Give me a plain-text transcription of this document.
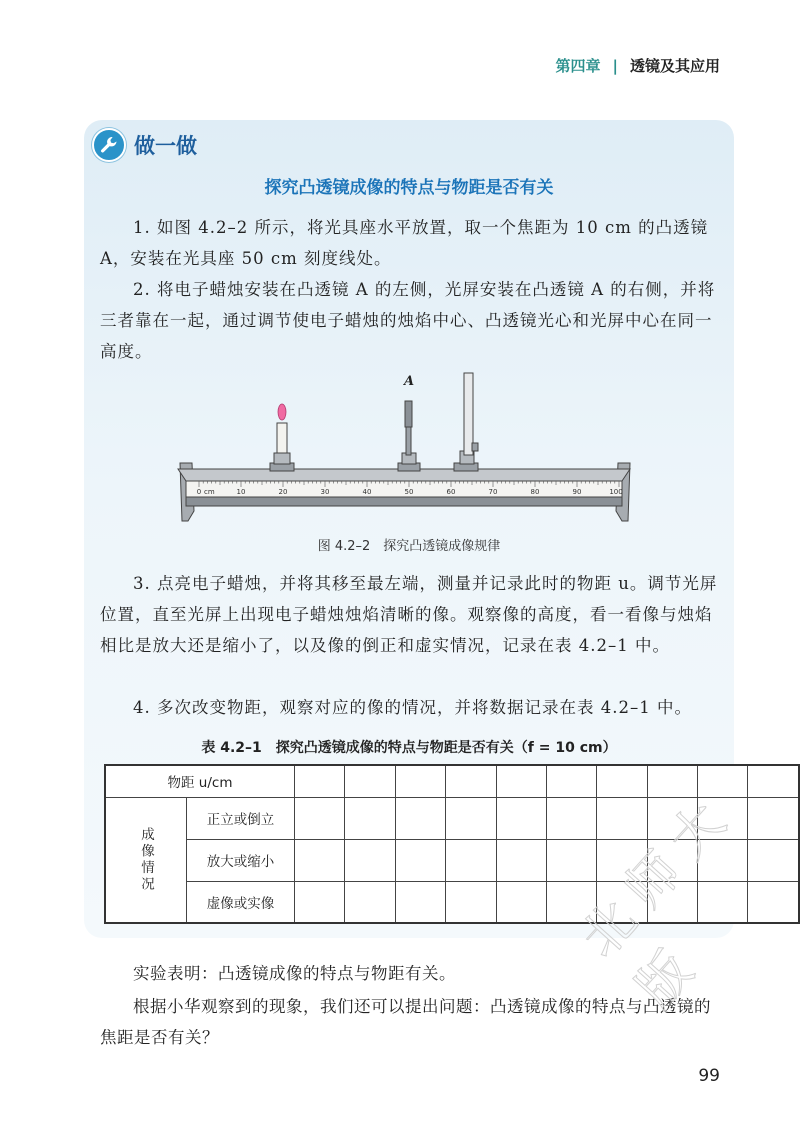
第四章 | 透镜及其应用
做一做
探究凸透镜成像的特点与物距是否有关
1. 如图 4.2–2 所示，将光具座水平放置，取一个焦距为 10 cm 的凸透镜 A，安装在光具座 50 cm 刻度线处。
2. 将电子蜡烛安装在凸透镜 A 的左侧，光屏安装在凸透镜 A 的右侧，并将三者靠在一起，通过调节使电子蜡烛的烛焰中心、凸透镜光心和光屏中心在同一高度。
cm
0	10	20	30	40	50	60	70	80	90	100
A
图 4.2–2　探究凸透镜成像规律
3. 点亮电子蜡烛，并将其移至最左端，测量并记录此时的物距 u。调节光屏位置，直至光屏上出现电子蜡烛烛焰清晰的像。观察像的高度，看一看像与烛焰相比是放大还是缩小了，以及像的倒正和虚实情况，记录在表 4.2–1 中。
4. 多次改变物距，观察对应的像的情况，并将数据记录在表 4.2–1 中。
表 4.2–1　探究凸透镜成像的特点与物距是否有关（f = 10 cm）
物距 u/cm											

成像情况	正立或倒立										
	放大或缩小										
	虚像或实像										
实验表明：凸透镜成像的特点与物距有关。
根据小华观察到的现象，我们还可以提出问题：凸透镜成像的特点与凸透镜的焦距是否有关？
北师大版
99
